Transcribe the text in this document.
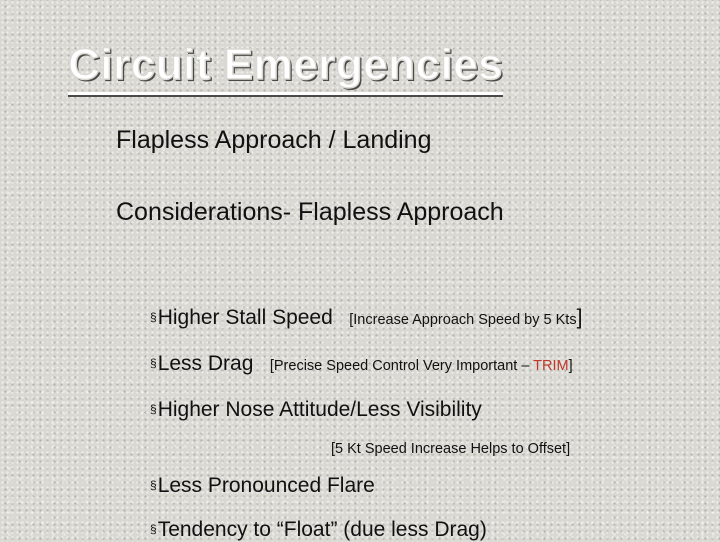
Circuit Emergencies

Flapless Approach / Landing

Considerations- Flapless Approach

§Higher Stall Speed [Increase Approach Speed by 5 Kts]
§Less Drag [Precise Speed Control Very Important – TRIM]
§Higher Nose Attitude/Less Visibility

[5 Kt Speed Increase Helps to Offset]

§Less Pronounced Flare
§Tendency to “Float” (due less Drag)
